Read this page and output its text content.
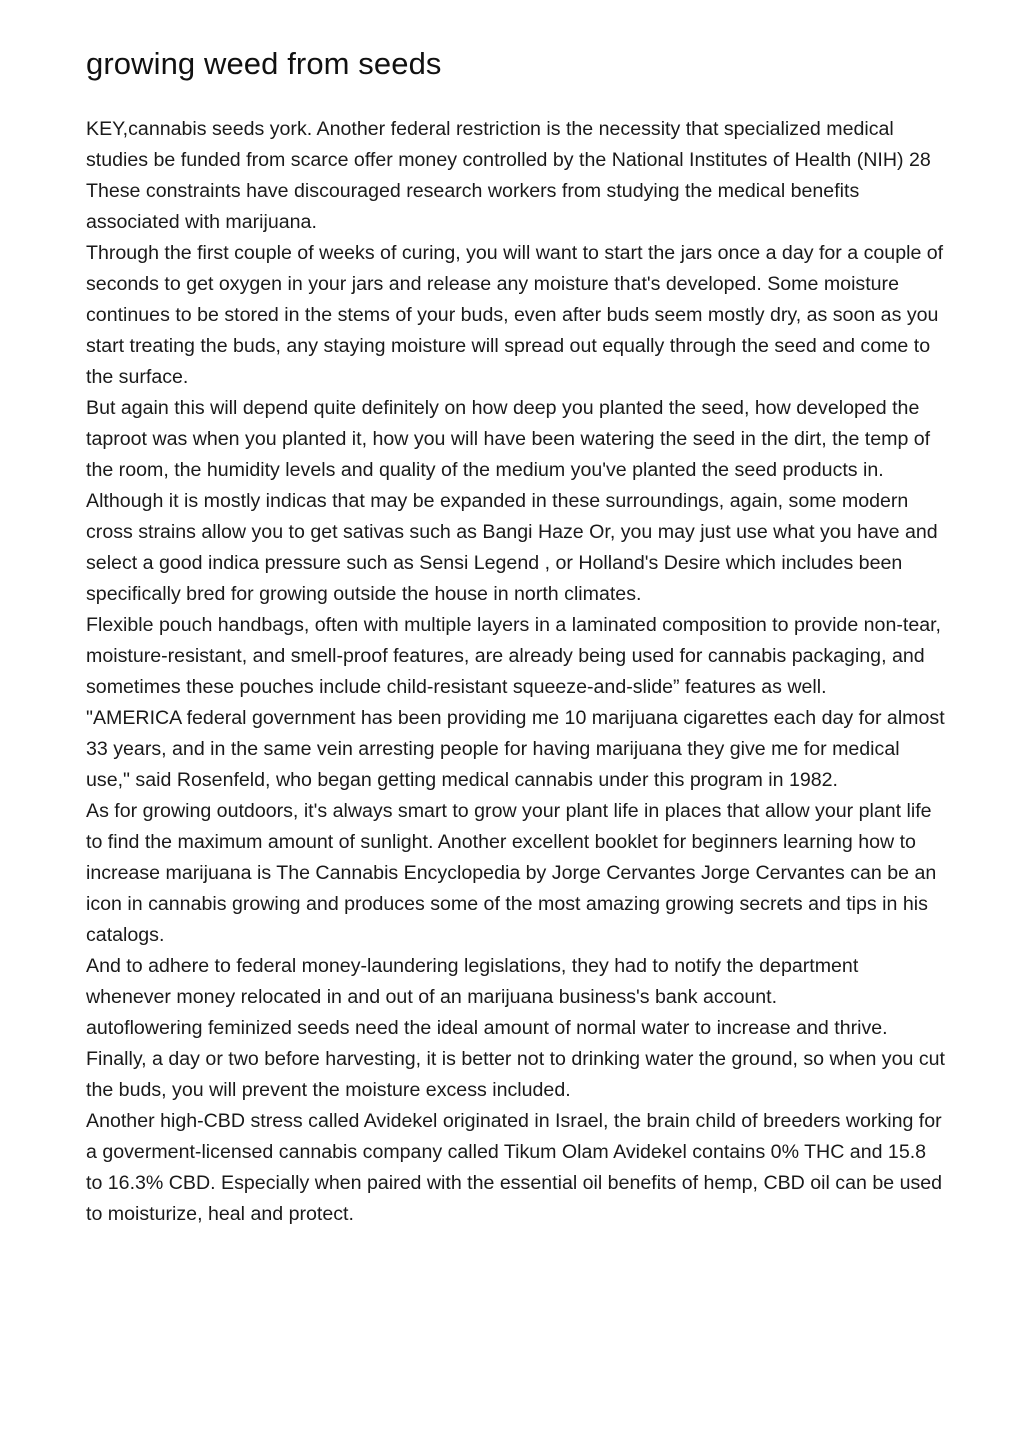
growing weed from seeds

KEY,cannabis seeds york. Another federal restriction is the necessity that specialized medical studies be funded from scarce offer money controlled by the National Institutes of Health (NIH) 28 These constraints have discouraged research workers from studying the medical benefits associated with marijuana.

Through the first couple of weeks of curing, you will want to start the jars once a day for a couple of seconds to get oxygen in your jars and release any moisture that's developed. Some moisture continues to be stored in the stems of your buds, even after buds seem mostly dry, as soon as you start treating the buds, any staying moisture will spread out equally through the seed and come to the surface.

But again this will depend quite definitely on how deep you planted the seed, how developed the taproot was when you planted it, how you will have been watering the seed in the dirt, the temp of the room, the humidity levels and quality of the medium you've planted the seed products in.

Although it is mostly indicas that may be expanded in these surroundings, again, some modern cross strains allow you to get sativas such as Bangi Haze Or, you may just use what you have and select a good indica pressure such as Sensi Legend , or Holland's Desire which includes been specifically bred for growing outside the house in north climates.

Flexible pouch handbags, often with multiple layers in a laminated composition to provide non-tear, moisture-resistant, and smell-proof features, are already being used for cannabis packaging, and sometimes these pouches include child-resistant squeeze-and-slide” features as well.

"AMERICA federal government has been providing me 10 marijuana cigarettes each day for almost 33 years, and in the same vein arresting people for having marijuana they give me for medical use," said Rosenfeld, who began getting medical cannabis under this program in 1982.

As for growing outdoors, it's always smart to grow your plant life in places that allow your plant life to find the maximum amount of sunlight. Another excellent booklet for beginners learning how to increase marijuana is The Cannabis Encyclopedia by Jorge Cervantes Jorge Cervantes can be an icon in cannabis growing and produces some of the most amazing growing secrets and tips in his catalogs.

And to adhere to federal money-laundering legislations, they had to notify the department whenever money relocated in and out of an marijuana business's bank account.

autoflowering feminized seeds need the ideal amount of normal water to increase and thrive.

Finally, a day or two before harvesting, it is better not to drinking water the ground, so when you cut the buds, you will prevent the moisture excess included.

Another high-CBD stress called Avidekel originated in Israel, the brain child of breeders working for a goverment-licensed cannabis company called Tikum Olam Avidekel contains 0% THC and 15.8 to 16.3% CBD. Especially when paired with the essential oil benefits of hemp, CBD oil can be used to moisturize, heal and protect.
